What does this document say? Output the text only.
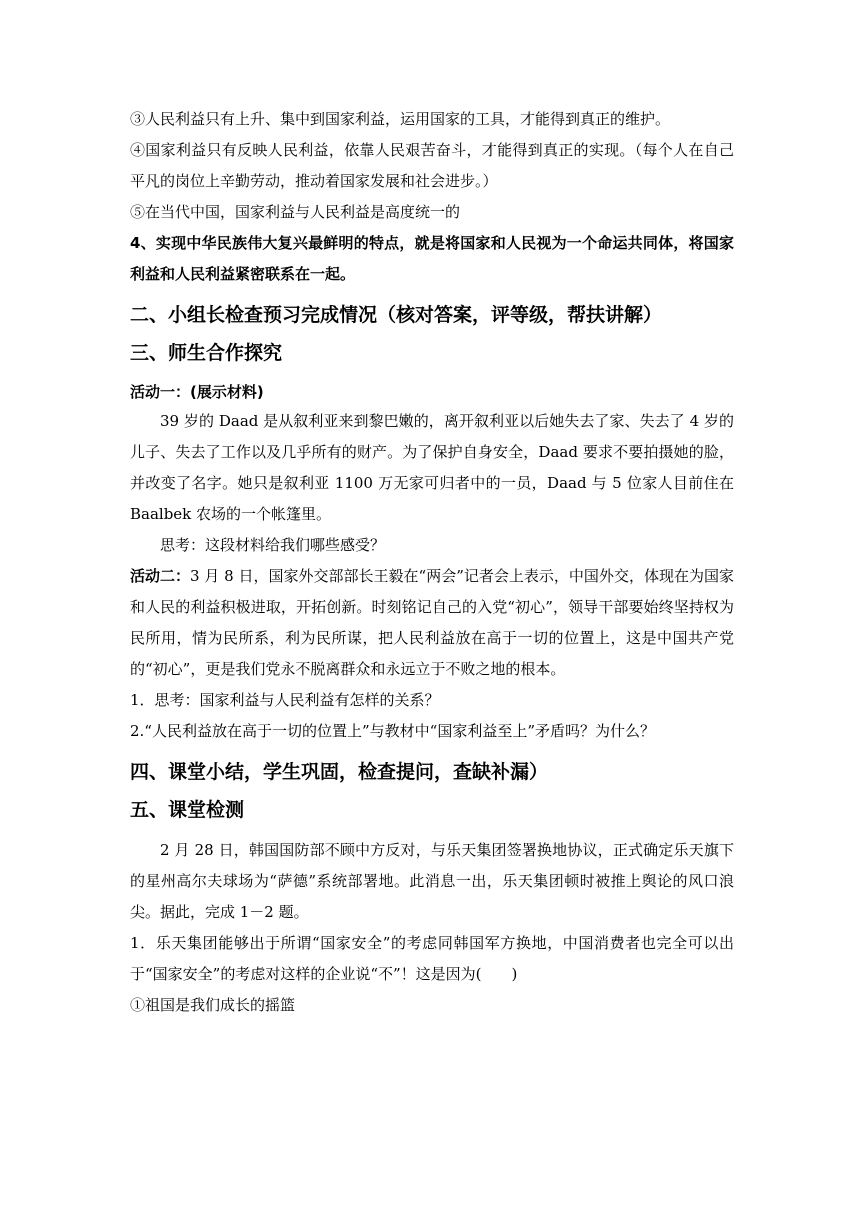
③人民利益只有上升、集中到国家利益，运用国家的工具，才能得到真正的维护。

④国家利益只有反映人民利益，依靠人民艰苦奋斗，才能得到真正的实现。（每个人在自己平凡的岗位上辛勤劳动，推动着国家发展和社会进步。）

⑤在当代中国，国家利益与人民利益是高度统一的

4、实现中华民族伟大复兴最鲜明的特点，就是将国家和人民视为一个命运共同体，将国家利益和人民利益紧密联系在一起。

二、小组长检查预习完成情况（核对答案，评等级，帮扶讲解）
三、师生合作探究

活动一：(展示材料)

39 岁的 Daad 是从叙利亚来到黎巴嫩的，离开叙利亚以后她失去了家、失去了 4 岁的儿子、失去了工作以及几乎所有的财产。为了保护自身安全，Daad 要求不要拍摄她的脸，并改变了名字。她只是叙利亚 1100 万无家可归者中的一员，Daad 与 5 位家人目前住在 Baalbek 农场的一个帐篷里。

思考：这段材料给我们哪些感受？

活动二：3 月 8 日，国家外交部部长王毅在“两会”记者会上表示，中国外交，体现在为国家和人民的利益积极进取，开拓创新。时刻铭记自己的入党“初心”，领导干部要始终坚持权为民所用，情为民所系，利为民所谋，把人民利益放在高于一切的位置上，这是中国共产党的“初心”，更是我们党永不脱离群众和永远立于不败之地的根本。

1．思考：国家利益与人民利益有怎样的关系？

2.“人民利益放在高于一切的位置上”与教材中“国家利益至上”矛盾吗？为什么？

四、课堂小结，学生巩固，检查提问，查缺补漏）
五、课堂检测

2 月 28 日，韩国国防部不顾中方反对，与乐天集团签署换地协议，正式确定乐天旗下的星州高尔夫球场为“萨德”系统部署地。此消息一出，乐天集团顿时被推上舆论的风口浪尖。据此，完成 1－2 题。

1．乐天集团能够出于所谓“国家安全”的考虑同韩国军方换地，中国消费者也完全可以出于“国家安全”的考虑对这样的企业说“不”！这是因为(　　)

①祖国是我们成长的摇篮
